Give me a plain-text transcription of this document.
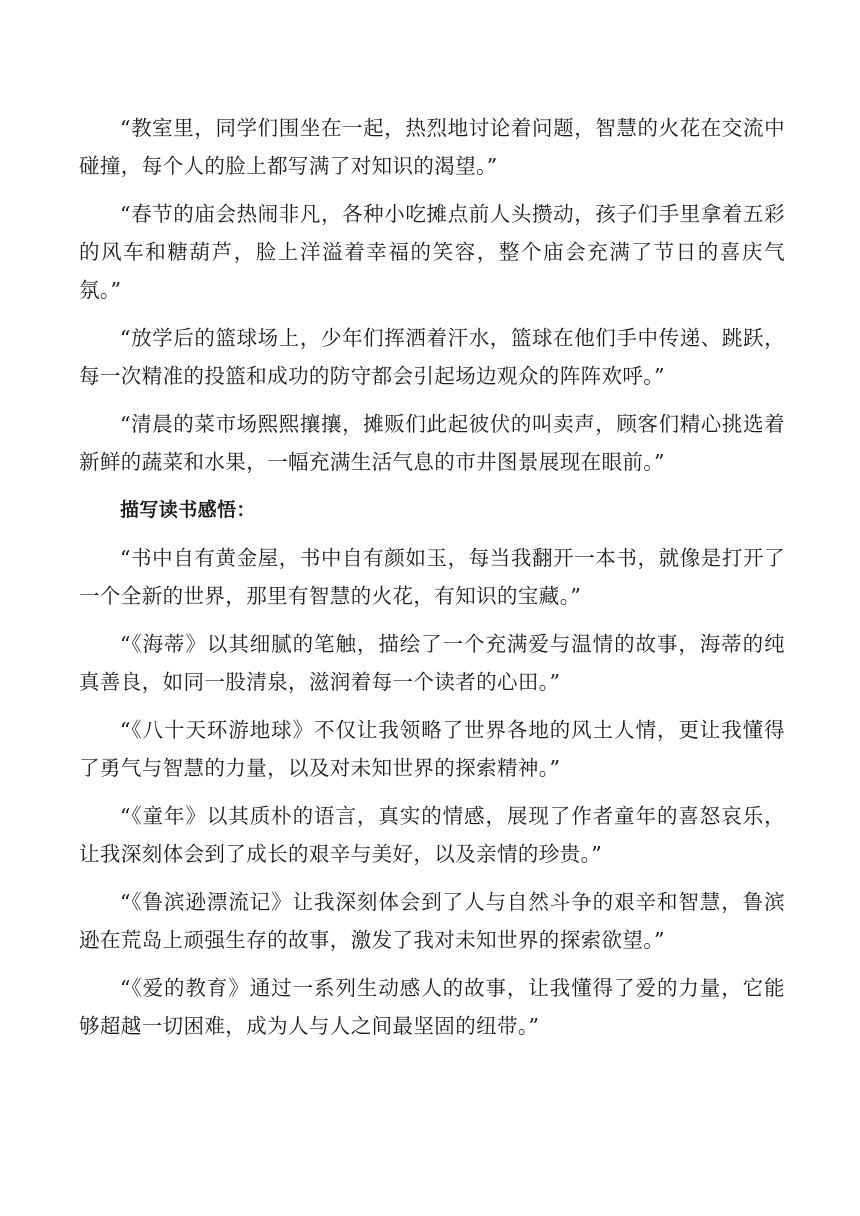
“教室里，同学们围坐在一起，热烈地讨论着问题，智慧的火花在交流中碰撞，每个人的脸上都写满了对知识的渴望。”

“春节的庙会热闹非凡，各种小吃摊点前人头攒动，孩子们手里拿着五彩的风车和糖葫芦，脸上洋溢着幸福的笑容，整个庙会充满了节日的喜庆气氛。”

“放学后的篮球场上，少年们挥洒着汗水，篮球在他们手中传递、跳跃，每一次精准的投篮和成功的防守都会引起场边观众的阵阵欢呼。”

“清晨的菜市场熙熙攘攘，摊贩们此起彼伏的叫卖声，顾客们精心挑选着新鲜的蔬菜和水果，一幅充满生活气息的市井图景展现在眼前。”

描写读书感悟：

“书中自有黄金屋，书中自有颜如玉，每当我翻开一本书，就像是打开了一个全新的世界，那里有智慧的火花，有知识的宝藏。”

“《海蒂》以其细腻的笔触，描绘了一个充满爱与温情的故事，海蒂的纯真善良，如同一股清泉，滋润着每一个读者的心田。”

“《八十天环游地球》不仅让我领略了世界各地的风土人情，更让我懂得了勇气与智慧的力量，以及对未知世界的探索精神。”

“《童年》以其质朴的语言，真实的情感，展现了作者童年的喜怒哀乐，让我深刻体会到了成长的艰辛与美好，以及亲情的珍贵。”

“《鲁滨逊漂流记》让我深刻体会到了人与自然斗争的艰辛和智慧，鲁滨逊在荒岛上顽强生存的故事，激发了我对未知世界的探索欲望。”

“《爱的教育》通过一系列生动感人的故事，让我懂得了爱的力量，它能够超越一切困难，成为人与人之间最坚固的纽带。”
